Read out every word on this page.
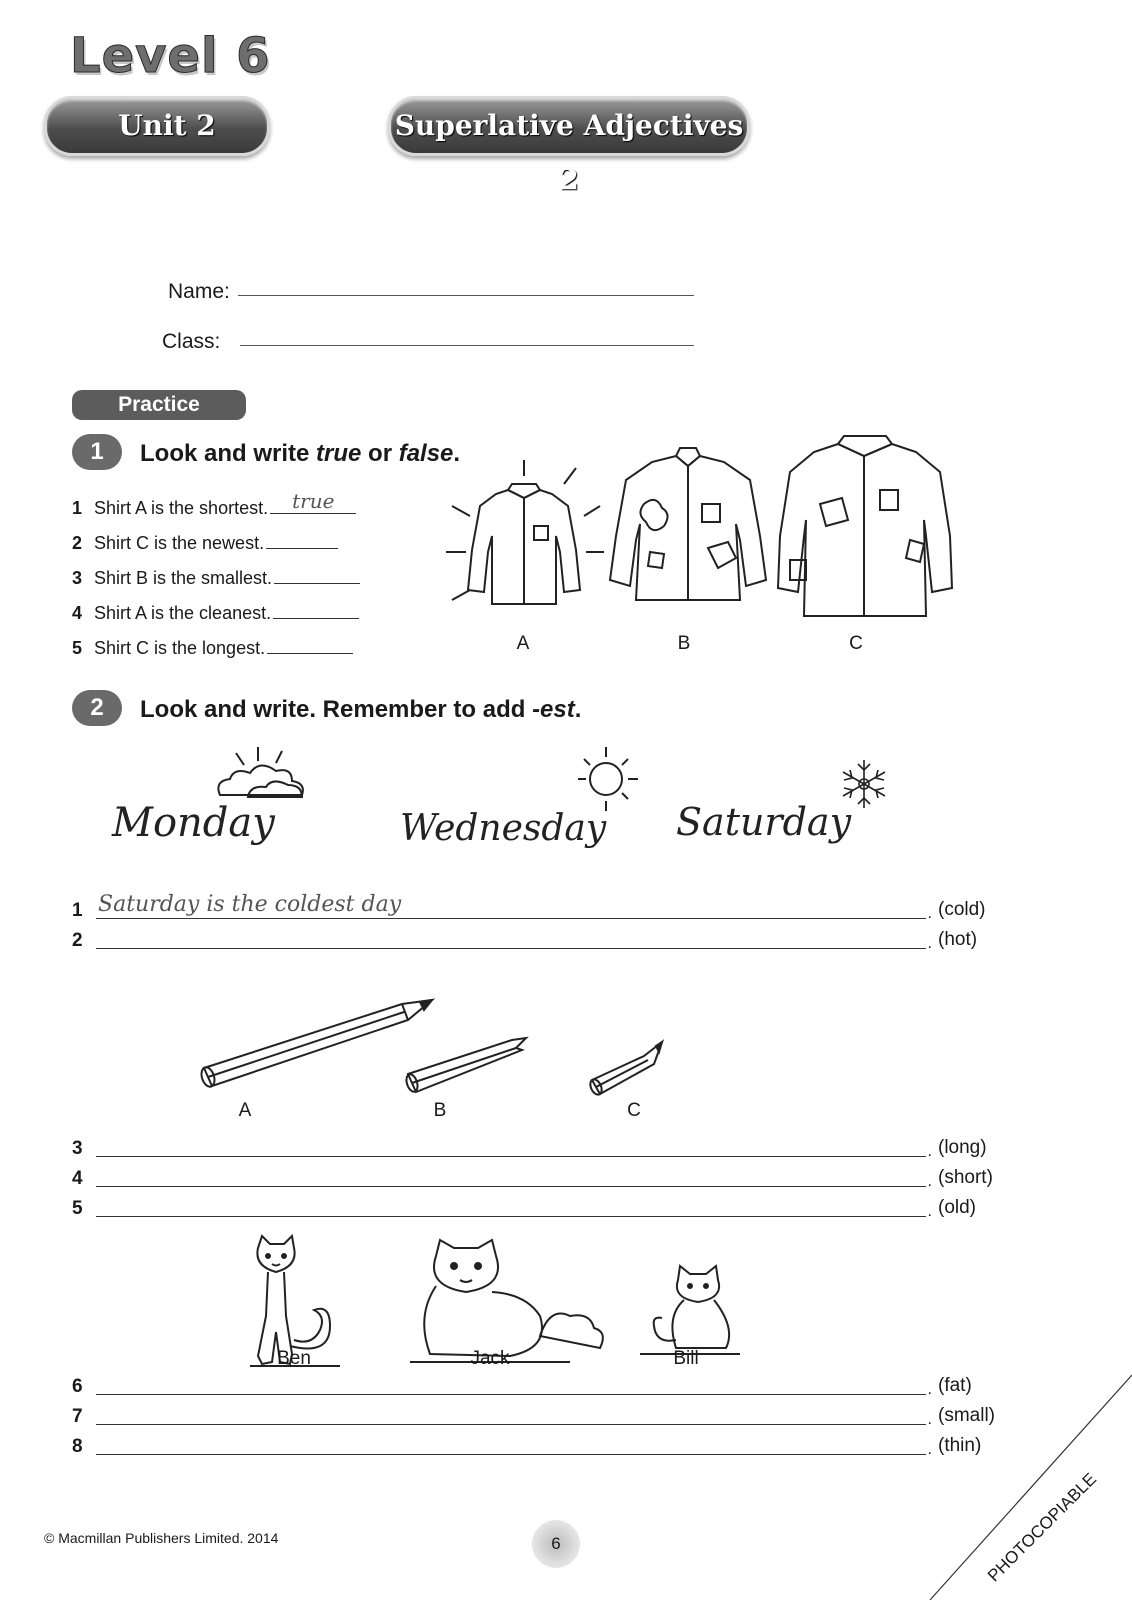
Level 6
Unit 2	Superlative Adjectives 2
Name:
Class:
Practice
1	Look and write true or false.
1 Shirt A is the shortest. true
2 Shirt C is the newest.
3 Shirt B is the smallest.
4 Shirt A is the cleanest.
5 Shirt C is the longest.	A	B	C
2	Look and write. Remember to add -est.
Monday	Wednesday Saturday
1 Saturday is the coldest day .	(cold)
2 .	(hot)
A	B	C
3 .	(long)
4 .	(short)
5 .	(old)
Ben	Jack	Bill
6 .	(fat)
7 .	(small)
8 .	(thin)
© Macmillan Publishers Limited. 2014	6	PHOTOCOPIABLE
